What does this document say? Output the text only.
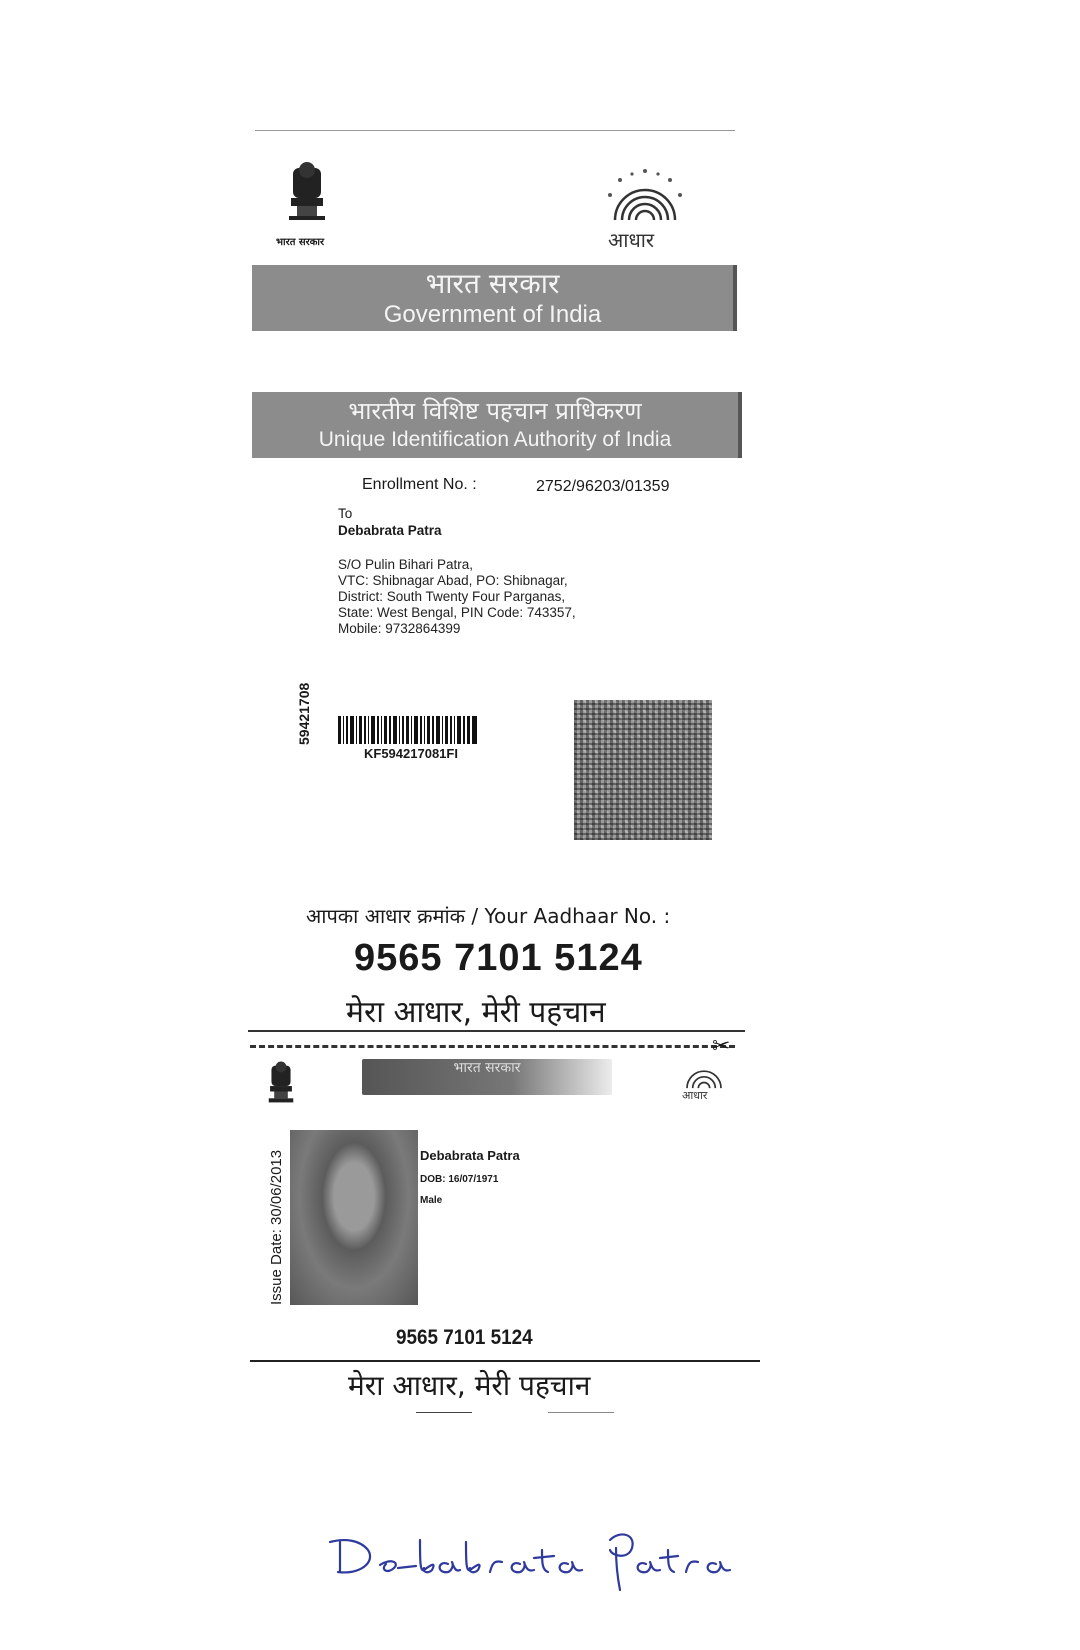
भारत सरकार	आधार
भारत सरकार
Government of India
भारतीय विशिष्ट पहचान प्राधिकरण
Unique Identification Authority of India
Enrollment No. :	2752/96203/01359
To
Debabrata Patra
S/O Pulin Bihari Patra,
VTC: Shibnagar Abad, PO: Shibnagar,
District: South Twenty Four Parganas,
State: West Bengal, PIN Code: 743357,
Mobile: 9732864399
59421708
KF594217081FI
आपका आधार क्रमांक / Your Aadhaar No. :
9565 7101 5124
मेरा आधार, मेरी पहचान
✂
भारत सरकार
आधार
Issue Date: 30/06/2013	Debabrata Patra
DOB: 16/07/1971
Male
9565 7101 5124
मेरा आधार, मेरी पहचान
